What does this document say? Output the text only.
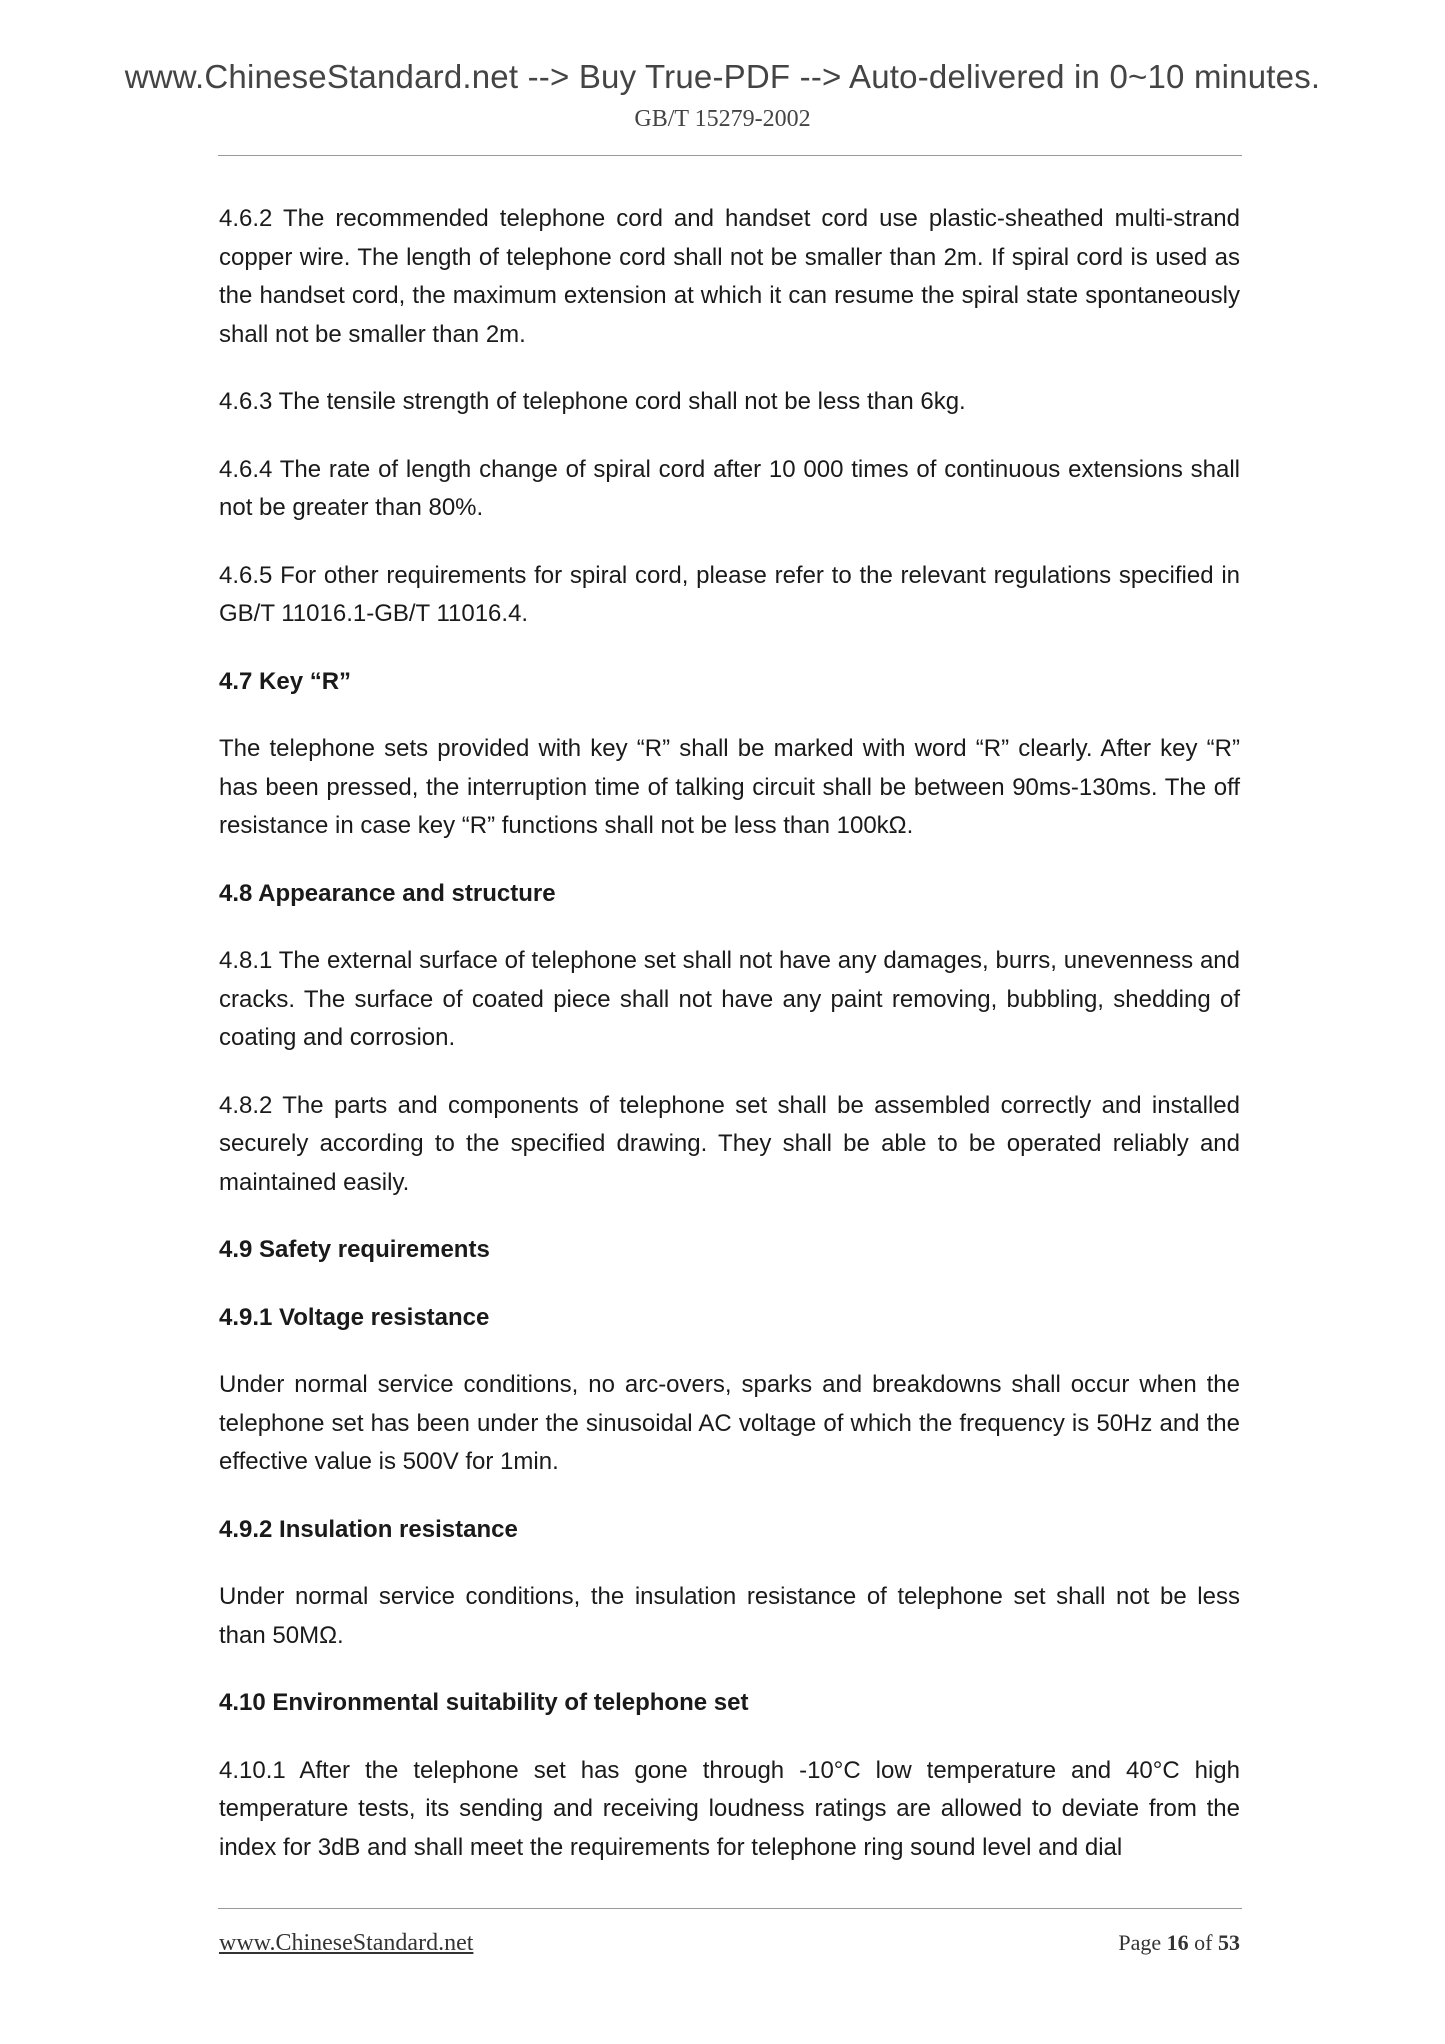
www.ChineseStandard.net --> Buy True-PDF --> Auto-delivered in 0~10 minutes.
GB/T 15279-2002

4.6.2 The recommended telephone cord and handset cord use plastic-sheathed multi-strand copper wire. The length of telephone cord shall not be smaller than 2m. If spiral cord is used as the handset cord, the maximum extension at which it can resume the spiral state spontaneously shall not be smaller than 2m.

4.6.3 The tensile strength of telephone cord shall not be less than 6kg.

4.6.4 The rate of length change of spiral cord after 10 000 times of continuous extensions shall not be greater than 80%.

4.6.5 For other requirements for spiral cord, please refer to the relevant regulations specified in GB/T 11016.1-GB/T 11016.4.

4.7 Key “R”

The telephone sets provided with key “R” shall be marked with word “R” clearly. After key “R” has been pressed, the interruption time of talking circuit shall be between 90ms-130ms. The off resistance in case key “R” functions shall not be less than 100kΩ.

4.8 Appearance and structure

4.8.1 The external surface of telephone set shall not have any damages, burrs, unevenness and cracks. The surface of coated piece shall not have any paint removing, bubbling, shedding of coating and corrosion.

4.8.2 The parts and components of telephone set shall be assembled correctly and installed securely according to the specified drawing. They shall be able to be operated reliably and maintained easily.

4.9 Safety requirements

4.9.1 Voltage resistance

Under normal service conditions, no arc-overs, sparks and breakdowns shall occur when the telephone set has been under the sinusoidal AC voltage of which the frequency is 50Hz and the effective value is 500V for 1min.

4.9.2 Insulation resistance

Under normal service conditions, the insulation resistance of telephone set shall not be less than 50MΩ.

4.10 Environmental suitability of telephone set

4.10.1 After the telephone set has gone through -10°C low temperature and 40°C high temperature tests, its sending and receiving loudness ratings are allowed to deviate from the index for 3dB and shall meet the requirements for telephone ring sound level and dial

www.ChineseStandard.net	Page 16 of 53
